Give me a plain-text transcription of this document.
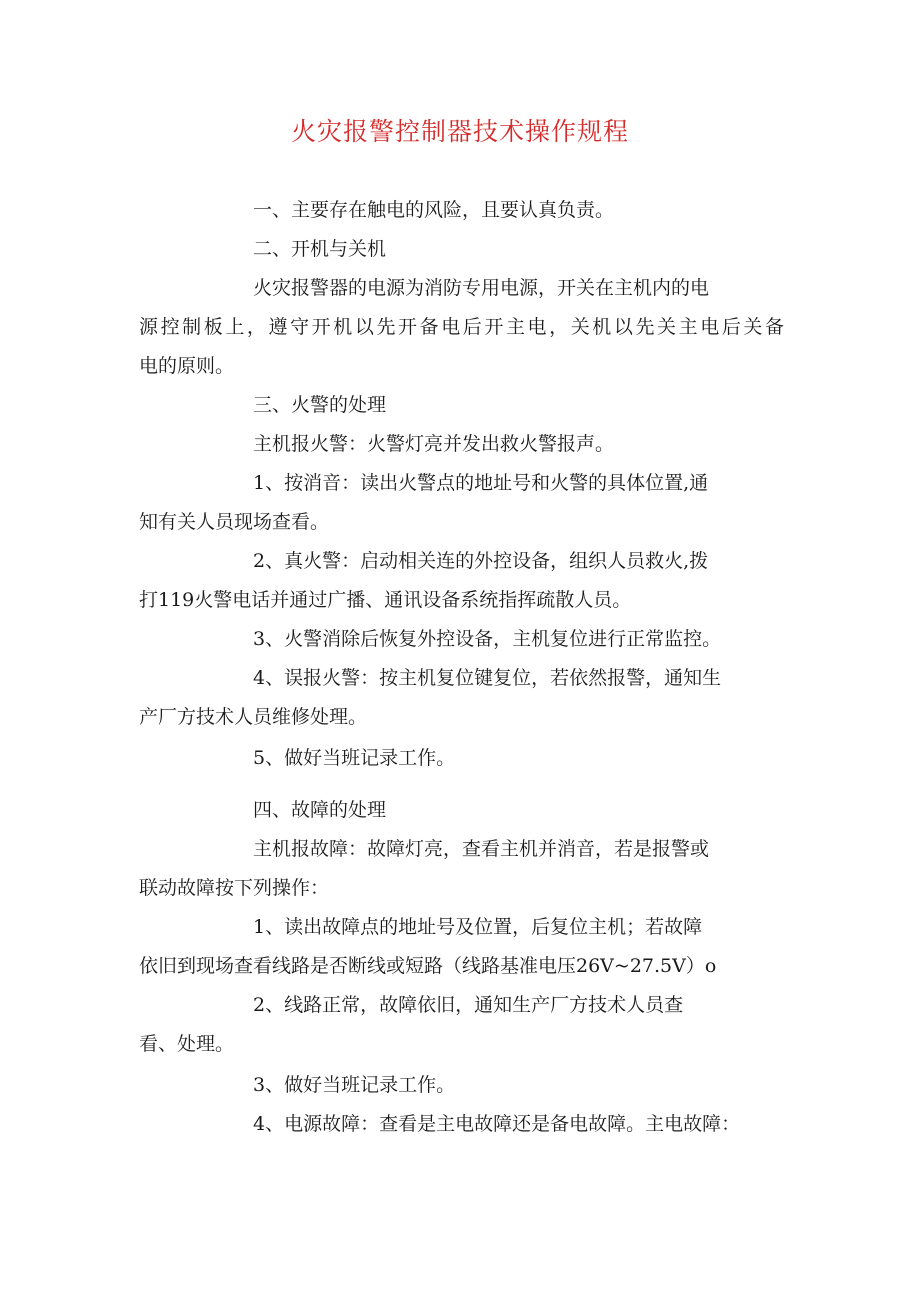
火灾报警控制器技术操作规程
一、主要存在触电的风险，且要认真负责。
二、开机与关机
火灾报警器的电源为消防专用电源，开关在主机内的电
源控制板上，遵守开机以先开备电后开主电，关机以先关主电后关备
电的原则。
三、火警的处理
主机报火警：火警灯亮并发出救火警报声。
1、按消音：读出火警点的地址号和火警的具体位置,通
知有关人员现场查看。
2、真火警：启动相关连的外控设备，组织人员救火,拨
打119火警电话并通过广播、通讯设备系统指挥疏散人员。
3、火警消除后恢复外控设备，主机复位进行正常监控。
4、误报火警：按主机复位键复位，若依然报警，通知生
产厂方技术人员维修处理。
5、做好当班记录工作。
四、故障的处理
主机报故障：故障灯亮，查看主机并消音，若是报警或
联动故障按下列操作：
1、读出故障点的地址号及位置，后复位主机；若故障
依旧到现场查看线路是否断线或短路（线路基准电压26V~27.5V）o
2、线路正常，故障依旧，通知生产厂方技术人员查
看、处理。
3、做好当班记录工作。
4、电源故障：查看是主电故障还是备电故障。主电故障：
